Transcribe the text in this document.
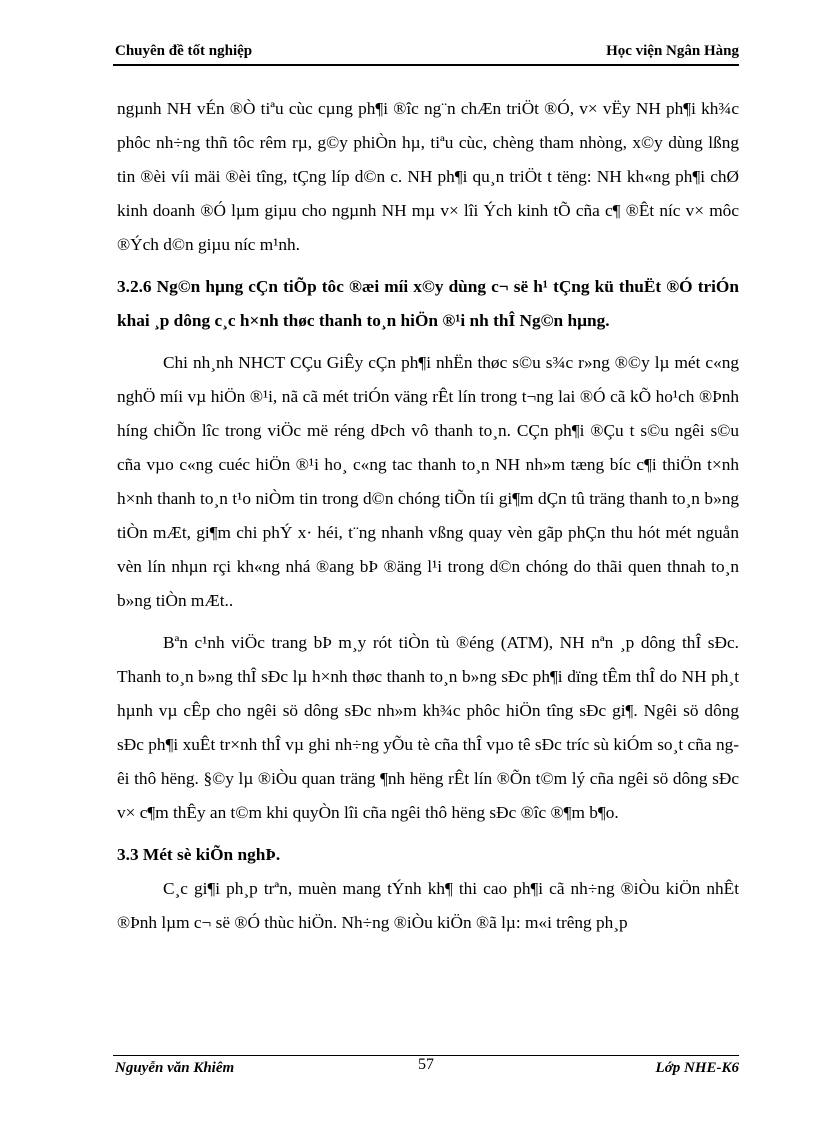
Chuyên đề tốt nghiệp	Học viện Ngân Hàng

ngµnh NH vÉn ®Ò tiªu cùc cµng ph¶i ®îc ng¨n chÆn triÖt ®Ó, v× vËy NH ph¶i kh¾c phôc nh÷ng thñ tôc rêm rµ, g©y phiÒn hµ, tiªu cùc, chèng tham nhòng, x©y dùng lßng tin ®èi víi mäi ®èi tîng, tÇng líp d©n c. NH ph¶i qu¸n triÖt t tëng: NH kh«ng ph¶i chØ kinh doanh ®Ó lµm giµu cho ngµnh NH mµ v× lîi Ých kinh tÕ cña c¶ ®Êt níc v× môc ®Ých d©n giµu níc m¹nh.

3.2.6 Ng©n hµng cÇn tiÕp tôc ®æi míi x©y dùng c¬ së h¹ tÇng kü thuËt ®Ó triÓn khai ¸p dông c¸c h×nh thøc thanh to¸n hiÖn ®¹i nh thÎ Ng©n hµng.

Chi nh¸nh NHCT CÇu GiÊy cÇn ph¶i nhËn thøc s©u s¾c r»ng ®©y lµ mét c«ng nghÖ míi vµ hiÖn ®¹i, nã cã mét triÓn väng rÊt lín trong t¬ng lai ®Ó cã kÕ ho¹ch ®Þnh híng chiÕn lîc trong viÖc më réng dÞch vô thanh to¸n. CÇn ph¶i ®Çu t s©u ngêi s©u cña vµo c«ng cuéc hiÖn ®¹i ho¸ c«ng tac thanh to¸n NH nh»m tæng bíc c¶i thiÖn t×nh h×nh thanh to¸n t¹o niÒm tin trong d©n chóng tiÕn tíi gi¶m dÇn tû träng thanh to¸n b»ng tiÒn mÆt, gi¶m chi phÝ x· héi, t¨ng nhanh vßng quay vèn gãp phÇn thu hót mét nguån vèn lín nhµn rçi kh«ng nhá ®ang bÞ ®äng l¹i trong d©n chóng do thãi quen thnah to¸n b»ng tiÒn mÆt..

Bªn c¹nh viÖc trang bÞ m¸y rót tiÒn tù ®éng (ATM), NH nªn ¸p dông thÎ sÐc. Thanh to¸n b»ng thÎ sÐc lµ h×nh thøc thanh to¸n b»ng sÐc ph¶i dïng tÊm thÎ do NH ph¸t hµnh vµ cÊp cho ngêi sö dông sÐc nh»m kh¾c phôc hiÖn tîng sÐc gi¶. Ngêi sö dông sÐc ph¶i xuÊt tr×nh thÎ vµ ghi nh÷ng yÕu tè cña thÎ vµo tê sÐc tríc sù kiÓm so¸t cña ngêi thô hëng. §©y lµ ®iÒu quan träng ¶nh hëng rÊt lín ®Õn t©m lý cña ngêi sö dông sÐc v× c¶m thÊy an t©m khi quyÒn lîi cña ngêi thô hëng sÐc ®îc ®¶m b¶o.

3.3 Mét sè kiÕn nghÞ.

C¸c gi¶i ph¸p trªn, muèn mang tÝnh kh¶ thi cao ph¶i cã nh÷ng ®iÒu kiÖn nhÊt ®Þnh lµm c¬ së ®Ó thùc hiÖn. Nh÷ng ®iÒu kiÖn ®ã lµ: m«i trêng ph¸p

Nguyễn văn Khiêm	57	Lớp NHE-K6
